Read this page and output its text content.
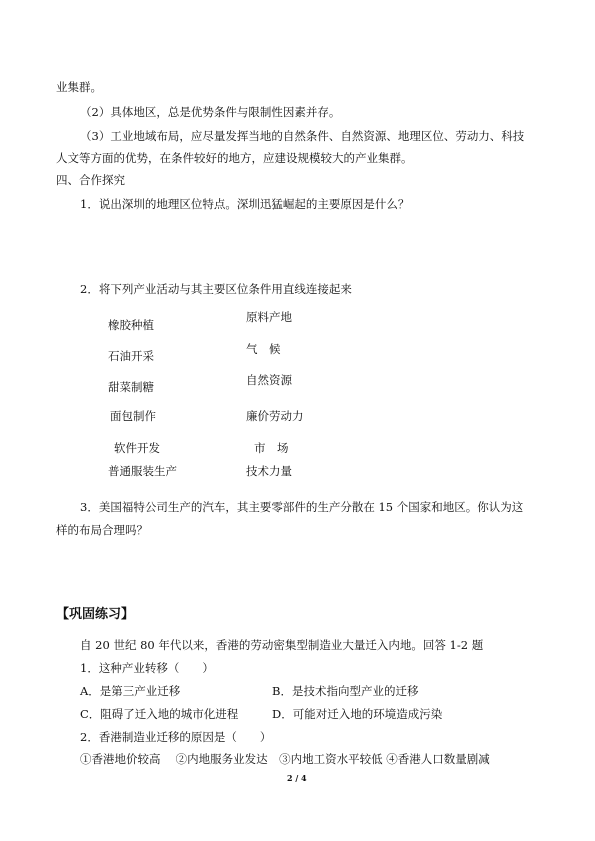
业集群。
（2）具体地区，总是优势条件与限制性因素并存。
（3）工业地域布局，应尽量发挥当地的自然条件、自然资源、地理区位、劳动力、科技
人文等方面的优势，在条件较好的地方，应建设规模较大的产业集群。
四、合作探究
1．说出深圳的地理区位特点。深圳迅猛崛起的主要原因是什么？
2．将下列产业活动与其主要区位条件用直线连接起来
橡胶种植
石油开采
甜菜制糖
面包制作
软件开发
普通服装生产
原料产地
气　候
自然资源
廉价劳动力
市　场
技术力量
3．美国福特公司生产的汽车，其主要零部件的生产分散在 15 个国家和地区。你认为这
样的布局合理吗？
【巩固练习】
自 20 世纪 80 年代以来，香港的劳动密集型制造业大量迁入内地。回答 1-2 题
1．这种产业转移（　　）
A．是第三产业迁移	B．是技术指向型产业的迁移
C．阻碍了迁入地的城市化进程	D．可能对迁入地的环境造成污染
2．香港制造业迁移的原因是（　　）
①香港地价较高　 ②内地服务业发达　③内地工资水平较低 ④香港人口数量剧减
2 / 4
